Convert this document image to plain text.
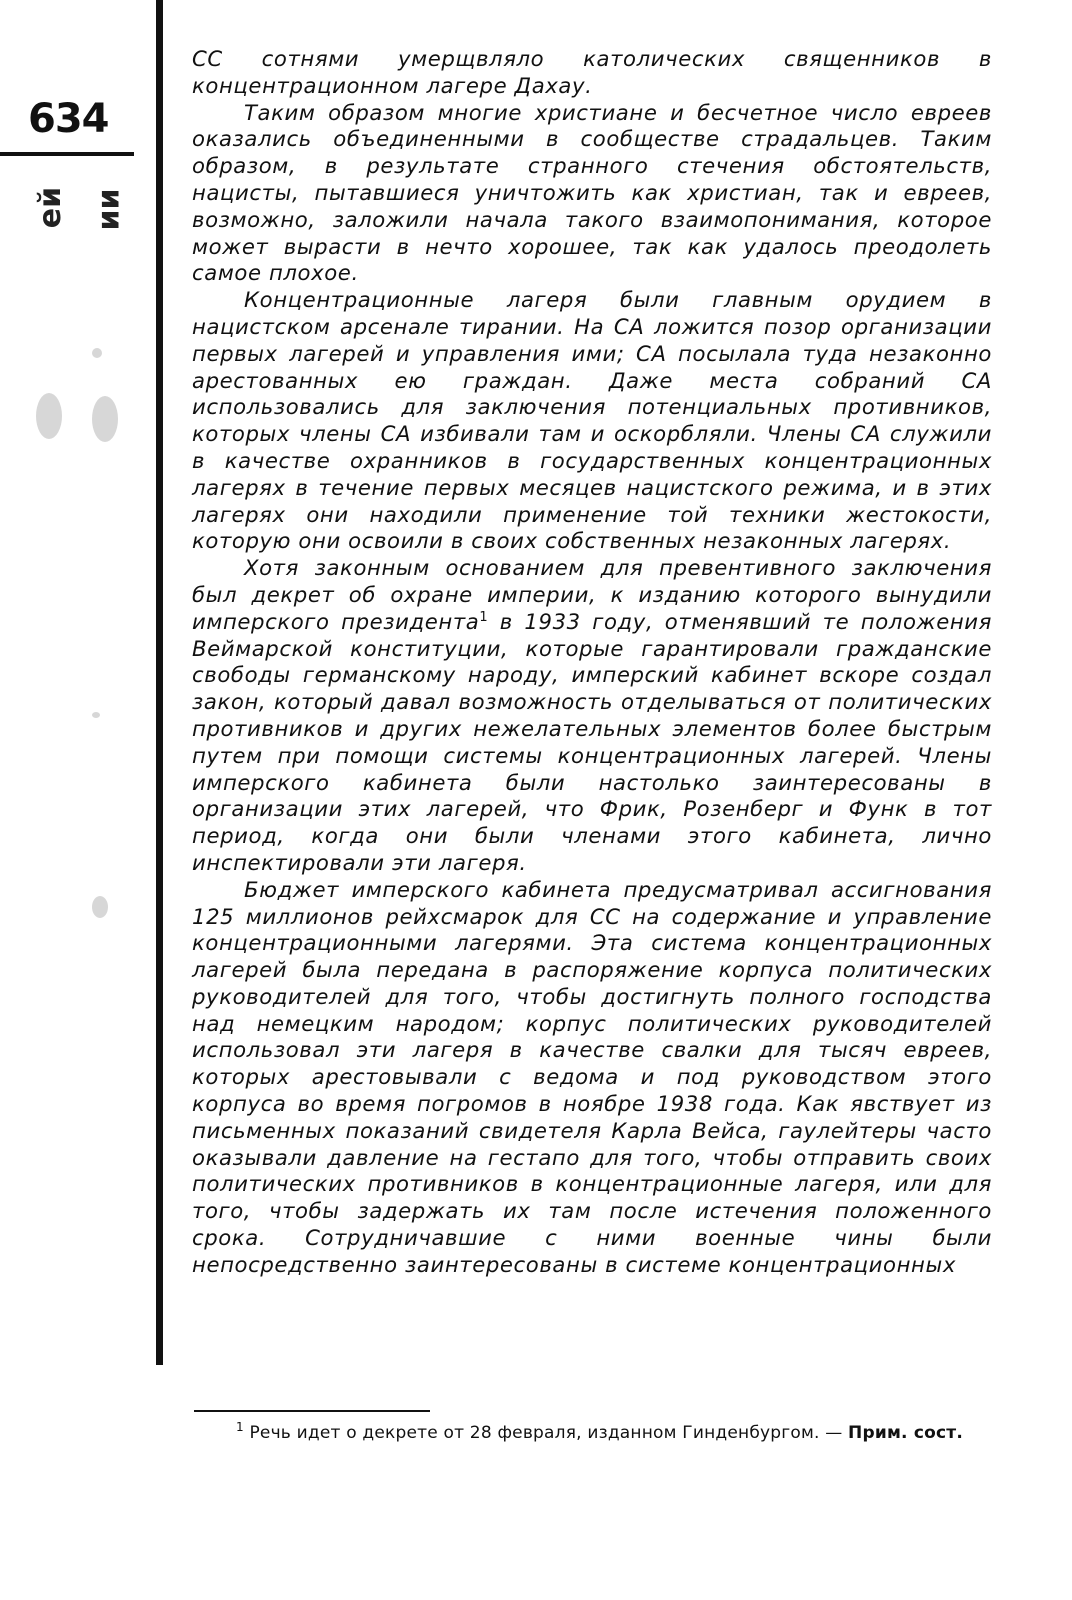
634
ей ии

СС сотнями умерщвляло католических священников в концентрационном лагере Дахау.

Таким образом многие христиане и бесчетное число евреев оказались объединенными в сообществе страдальцев. Таким образом, в результате странного стечения обстоятельств, нацисты, пытавшиеся уничтожить как христиан, так и евреев, возможно, заложили начала такого взаимопонимания, которое может вырасти в нечто хорошее, так как удалось преодолеть самое плохое.

Концентрационные лагеря были главным орудием в нацистском арсенале тирании. На СА ложится позор организации первых лагерей и управления ими; СА посылала туда незаконно арестованных ею граждан. Даже места собраний СА использовались для заключения потенциальных противников, которых члены СА избивали там и оскорбляли. Члены СА служили в качестве охранников в государственных концентрационных лагерях в течение первых месяцев нацистского режима, и в этих лагерях они находили применение той техники жестокости, которую они освоили в своих собственных незаконных лагерях.

Хотя законным основанием для превентивного заключения был декрет об охране империи, к изданию которого вынудили имперского президента$^1$ в 1933 году, отменявший те положения Веймарской конституции, которые гарантировали гражданские свободы германскому народу, имперский кабинет вскоре создал закон, который давал возможность отделываться от политических противников и других нежелательных элементов более быстрым путем при помощи системы концентрационных лагерей. Члены имперского кабинета были настолько заинтересованы в организации этих лагерей, что Фрик, Розенберг и Функ в тот период, когда они были членами этого кабинета, лично инспектировали эти лагеря.

Бюджет имперского кабинета предусматривал ассигнования 125 миллионов рейхсмарок для СС на содержание и управление концентрационными лагерями. Эта система концентрационных лагерей была передана в распоряжение корпуса политических руководителей для того, чтобы достигнуть полного господства над немецким народом; корпус политических руководителей использовал эти лагеря в качестве свалки для тысяч евреев, которых арестовывали с ведома и под руководством этого корпуса во время погромов в ноябре 1938 года. Как явствует из письменных показаний свидетеля Карла Вейса, гаулейтеры часто оказывали давление на гестапо для того, чтобы отправить своих политических противников в концентрационные лагеря, или для того, чтобы задержать их там после истечения положенного срока. Сотрудничавшие с ними военные чины были непосредственно заинтересованы в системе концентрационных

$^1$ Речь идет о декрете от 28 февраля, изданном Гинденбургом. — Прим. сост.
